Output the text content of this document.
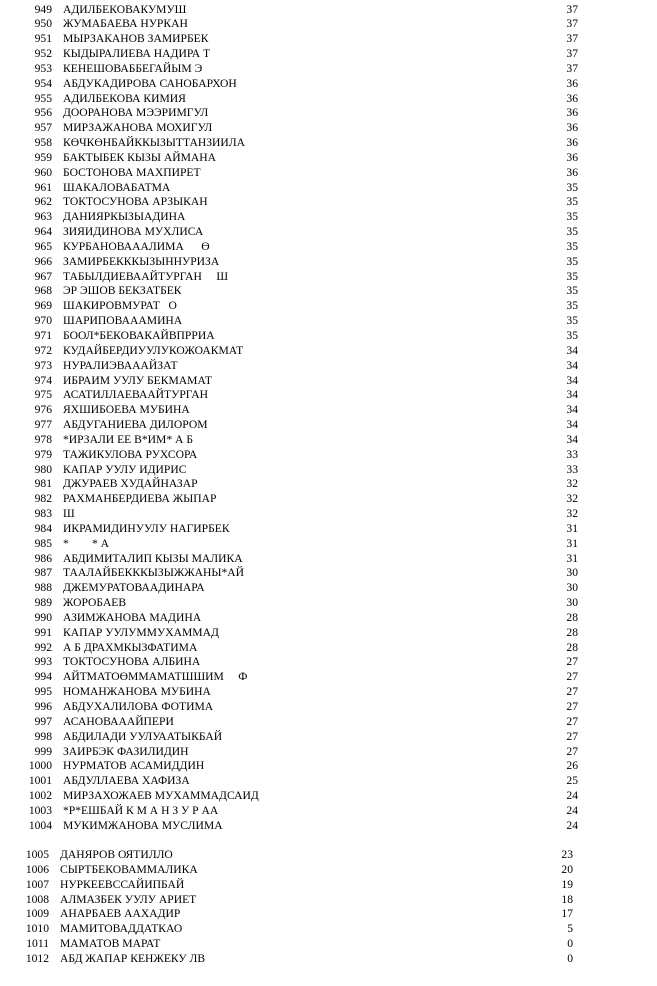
949 АДИЛБЕКОВАКУМУШ	37
950 ЖУМАБАЕВА НУРКАН	37
951 МЫРЗАКАНОВ ЗАМИРБЕК	37
952 КЫДЫРАЛИЕВА НАДИРА Т	37
953 КЕНЕШОВАББЕГАЙЫМ Э	37
954 АБДУКАДИРОВА САНОБАРХОН	36
955 АДИЛБЕКОВА КИМИЯ	36
956 ДООРАНОВА МЭЭРИМГУЛ	36
957 МИРЗАЖАНОВА МОХИГУЛ	36
958 КӨЧКӨНБАЙККЫЗЫТТАНЗИИЛА	36
959 БАКТЫБЕК КЫЗЫ АЙМАНА	36
960 БОСТОНОВА МАХПИРЕТ	36
961 ШАКАЛОВАБАТМА	35
962 ТОКТОСУНОВА АРЗЫКАН	35
963 ДАНИЯРКЫЗЫАДИНА	35
964 ЗИЯИДИНОВА МУХЛИСА	35
965 КУРБАНОВАААЛИМА      Ө	35
966 ЗАМИРБЕКККЫЗЫННУРИЗА	35
967 ТАБЫЛДИЕВААЙТУРГАН     Ш	35
968 ЭР ЭШОВ БЕКЗАТБЕК	35
969 ШАКИРОВМУРАТ   О	35
970 ШАРИПОВАААМИНА	35
971 БООЛ*БЕКОВАКАЙВПРРИА	35
972 КУДАЙБЕРДИУУЛУКОЖОАКМАТ	34
973 НУРАЛИЭВАААЙЗАТ	34
974 ИБРАИМ УУЛУ БЕКМАМАТ	34
975 АСАТИЛЛАЕВААЙТУРГАН	34
976 ЯХШИБОЕВА МУБИНА	34
977 АБДУГАНИЕВА ДИЛОРОМ	34
978 *ИРЗАЛИ ЕЕ В*ИМ* А Б	34
979 ТАЖИКУЛОВА РУХСОРА	33
980 КАПАР УУЛУ ИДИРИС	33
981 ДЖУРАЕВ ХУДАЙНАЗАР	32
982 РАХМАНБЕРДИЕВА ЖЫПАР	32
983 Ш	32
984 ИКРАМИДИНУУЛУ НАГИРБЕК	31
985 *        * А	31
986 АБДИМИТАЛИП КЫЗЫ МАЛИКА	31
987 ТААЛАЙБЕКККЫЗЫЖЖАНЫ*АЙ	30
988 ДЖЕМУРАТОВААДИНАРА	30
989 ЖОРОБАЕВ	30
990 АЗИМЖАНОВА МАДИНА	28
991 КАПАР УУЛУММУХАММАД	28
992 А Б ДРАХМКЫЗФАТИМА	28
993 ТОКТОСУНОВА АЛБИНА	27
994 АЙТМАТОӨММАМАТШШИМ     Ф	27
995 НОМАНЖАНОВА МУБИНА	27
996 АБДУХАЛИЛОВА ФОТИМА	27
997 АСАНОВАААЙПЕРИ	27
998 АБДИЛАДИ УУЛУААТЫКБАЙ	27
999 ЗАИРБЭК ФАЗИЛИДИН	27
1000 НУРМАТОВ АСАМИДДИН	26
1001 АБДУЛЛАЕВА ХАФИЗА	25
1002 МИРЗАХОЖАЕВ МУХАММАДСАИД	24
1003 *Р*ЕШБАЙ К М А Н З У Р АА	24
1004 МУКИМЖАНОВА МУСЛИМА	24
1005 ДАНЯРОВ ОЯТИЛЛО	23
1006 СЫРТБЕКОВАММАЛИКА	20
1007 НУРКЕЕВССАЙИПБАЙ	19
1008 АЛМАЗБЕК УУЛУ АРИЕТ	18
1009 АНАРБАЕВ ААХАДИР	17
1010 МАМИТОВАДДАТКАО	5
1011 МАМАТОВ МАРАТ	0
1012 АБД ЖАПАР КЕНЖЕКУ ЛВ	0
